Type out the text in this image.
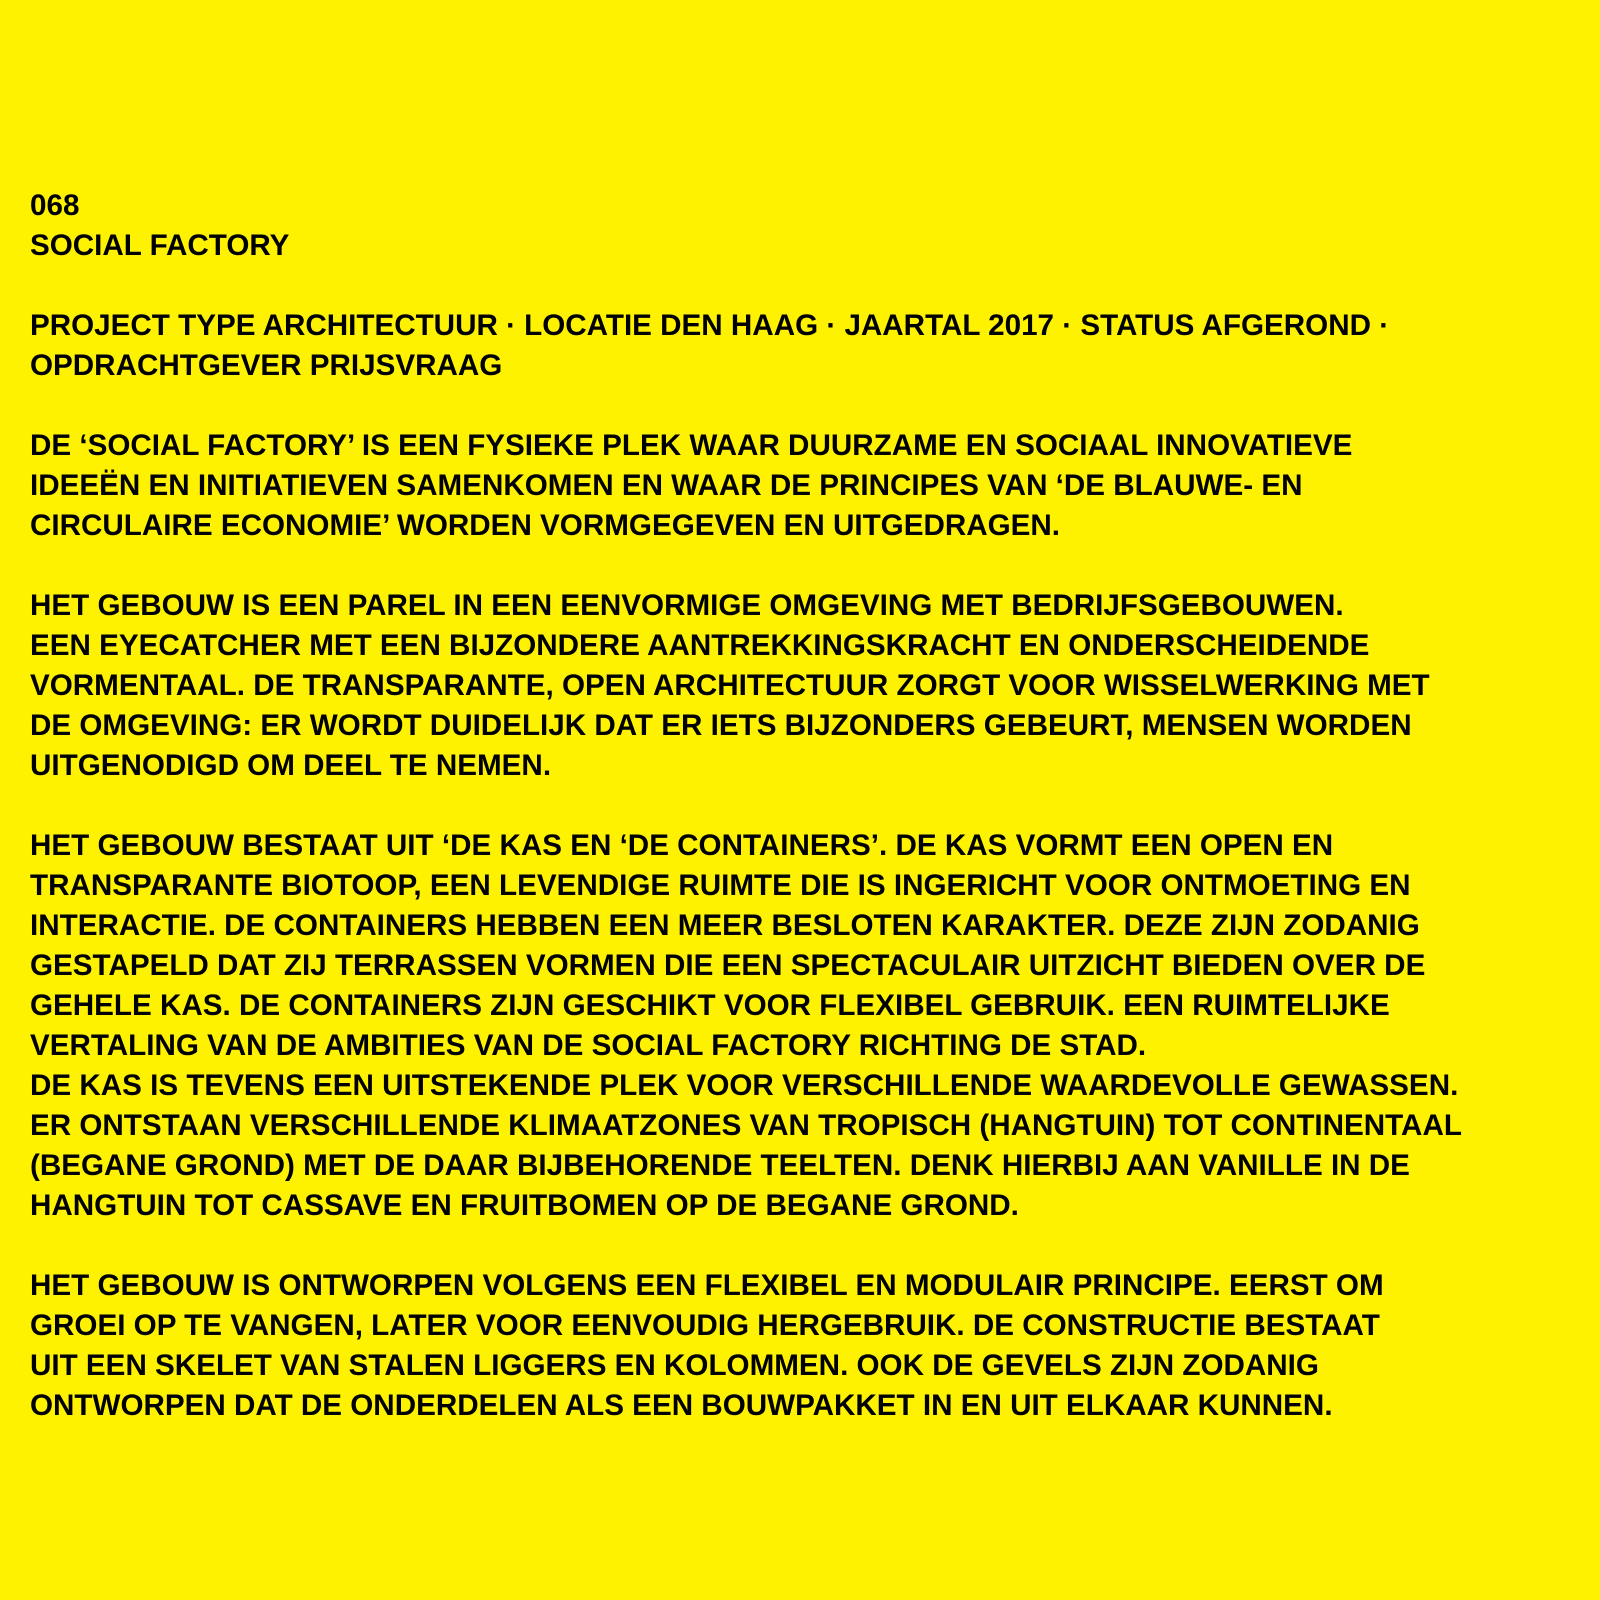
068
SOCIAL FACTORY
PROJECT TYPE ARCHITECTUUR · LOCATIE DEN HAAG · JAARTAL 2017 · STATUS AFGEROND ·
OPDRACHTGEVER PRIJSVRAAG
DE ‘SOCIAL FACTORY’ IS EEN FYSIEKE PLEK WAAR DUURZAME EN SOCIAAL INNOVATIEVE
IDEEËN EN INITIATIEVEN SAMENKOMEN EN WAAR DE PRINCIPES VAN ‘DE BLAUWE- EN
CIRCULAIRE ECONOMIE’ WORDEN VORMGEGEVEN EN UITGEDRAGEN.
HET GEBOUW IS EEN PAREL IN EEN EENVORMIGE OMGEVING MET BEDRIJFSGEBOUWEN.
EEN EYECATCHER MET EEN BIJZONDERE AANTREKKINGSKRACHT EN ONDERSCHEIDENDE
VORMENTAAL. DE TRANSPARANTE, OPEN ARCHITECTUUR ZORGT VOOR WISSELWERKING MET
DE OMGEVING: ER WORDT DUIDELIJK DAT ER IETS BIJZONDERS GEBEURT, MENSEN WORDEN
UITGENODIGD OM DEEL TE NEMEN.
HET GEBOUW BESTAAT UIT ‘DE KAS EN ‘DE CONTAINERS’. DE KAS VORMT EEN OPEN EN
TRANSPARANTE BIOTOOP, EEN LEVENDIGE RUIMTE DIE IS INGERICHT VOOR ONTMOETING EN
INTERACTIE. DE CONTAINERS HEBBEN EEN MEER BESLOTEN KARAKTER. DEZE ZIJN ZODANIG
GESTAPELD DAT ZIJ TERRASSEN VORMEN DIE EEN SPECTACULAIR UITZICHT BIEDEN OVER DE
GEHELE KAS. DE CONTAINERS ZIJN GESCHIKT VOOR FLEXIBEL GEBRUIK. EEN RUIMTELIJKE
VERTALING VAN DE AMBITIES VAN DE SOCIAL FACTORY RICHTING DE STAD.
DE KAS IS TEVENS EEN UITSTEKENDE PLEK VOOR VERSCHILLENDE WAARDEVOLLE GEWASSEN.
ER ONTSTAAN VERSCHILLENDE KLIMAATZONES VAN TROPISCH (HANGTUIN) TOT CONTINENTAAL
(BEGANE GROND) MET DE DAAR BIJBEHORENDE TEELTEN. DENK HIERBIJ AAN VANILLE IN DE
HANGTUIN TOT CASSAVE EN FRUITBOMEN OP DE BEGANE GROND.
HET GEBOUW IS ONTWORPEN VOLGENS EEN FLEXIBEL EN MODULAIR PRINCIPE. EERST OM
GROEI OP TE VANGEN, LATER VOOR EENVOUDIG HERGEBRUIK. DE CONSTRUCTIE BESTAAT
UIT EEN SKELET VAN STALEN LIGGERS EN KOLOMMEN. OOK DE GEVELS ZIJN ZODANIG
ONTWORPEN DAT DE ONDERDELEN ALS EEN BOUWPAKKET IN EN UIT ELKAAR KUNNEN.
